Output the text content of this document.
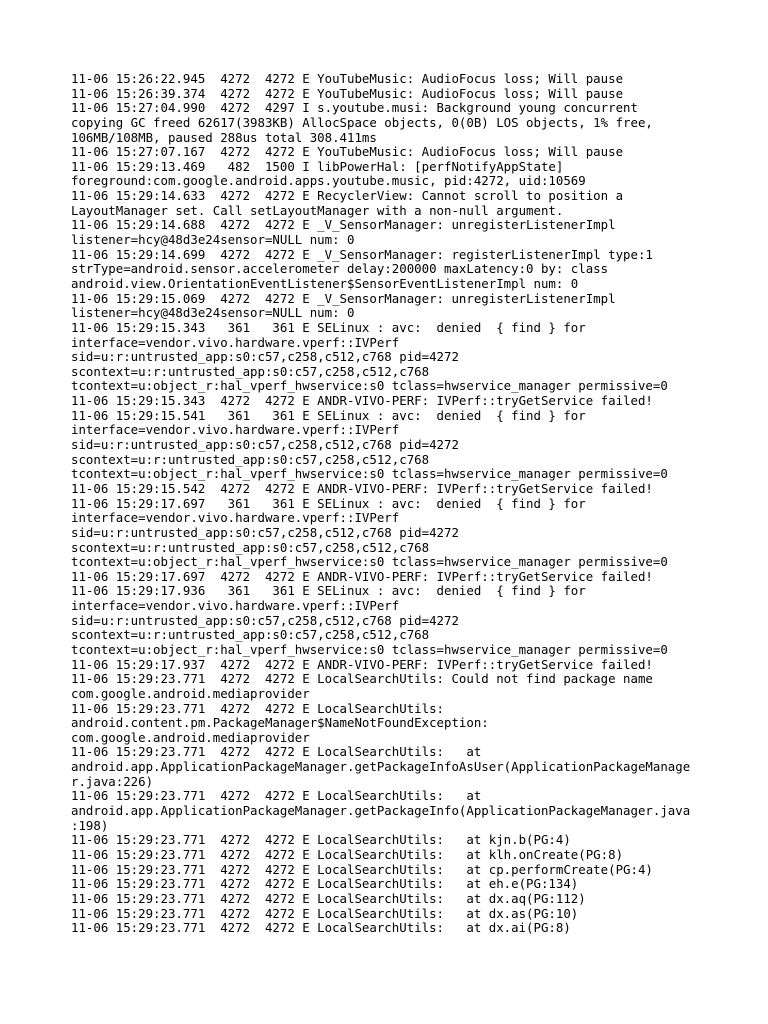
11-06 15:26:22.945  4272  4272 E YouTubeMusic: AudioFocus loss; Will pause
11-06 15:26:39.374  4272  4272 E YouTubeMusic: AudioFocus loss; Will pause
11-06 15:27:04.990  4272  4297 I s.youtube.musi: Background young concurrent
copying GC freed 62617(3983KB) AllocSpace objects, 0(0B) LOS objects, 1% free,
106MB/108MB, paused 288us total 308.411ms
11-06 15:27:07.167  4272  4272 E YouTubeMusic: AudioFocus loss; Will pause
11-06 15:29:13.469   482  1500 I libPowerHal: [perfNotifyAppState]
foreground:com.google.android.apps.youtube.music, pid:4272, uid:10569
11-06 15:29:14.633  4272  4272 E RecyclerView: Cannot scroll to position a
LayoutManager set. Call setLayoutManager with a non-null argument.
11-06 15:29:14.688  4272  4272 E _V_SensorManager: unregisterListenerImpl
listener=hcy@48d3e24sensor=NULL num: 0
11-06 15:29:14.699  4272  4272 E _V_SensorManager: registerListenerImpl type:1
strType=android.sensor.accelerometer delay:200000 maxLatency:0 by: class
android.view.OrientationEventListener$SensorEventListenerImpl num: 0
11-06 15:29:15.069  4272  4272 E _V_SensorManager: unregisterListenerImpl
listener=hcy@48d3e24sensor=NULL num: 0
11-06 15:29:15.343   361   361 E SELinux : avc:  denied  { find } for
interface=vendor.vivo.hardware.vperf::IVPerf
sid=u:r:untrusted_app:s0:c57,c258,c512,c768 pid=4272
scontext=u:r:untrusted_app:s0:c57,c258,c512,c768
tcontext=u:object_r:hal_vperf_hwservice:s0 tclass=hwservice_manager permissive=0
11-06 15:29:15.343  4272  4272 E ANDR-VIVO-PERF: IVPerf::tryGetService failed!
11-06 15:29:15.541   361   361 E SELinux : avc:  denied  { find } for
interface=vendor.vivo.hardware.vperf::IVPerf
sid=u:r:untrusted_app:s0:c57,c258,c512,c768 pid=4272
scontext=u:r:untrusted_app:s0:c57,c258,c512,c768
tcontext=u:object_r:hal_vperf_hwservice:s0 tclass=hwservice_manager permissive=0
11-06 15:29:15.542  4272  4272 E ANDR-VIVO-PERF: IVPerf::tryGetService failed!
11-06 15:29:17.697   361   361 E SELinux : avc:  denied  { find } for
interface=vendor.vivo.hardware.vperf::IVPerf
sid=u:r:untrusted_app:s0:c57,c258,c512,c768 pid=4272
scontext=u:r:untrusted_app:s0:c57,c258,c512,c768
tcontext=u:object_r:hal_vperf_hwservice:s0 tclass=hwservice_manager permissive=0
11-06 15:29:17.697  4272  4272 E ANDR-VIVO-PERF: IVPerf::tryGetService failed!
11-06 15:29:17.936   361   361 E SELinux : avc:  denied  { find } for
interface=vendor.vivo.hardware.vperf::IVPerf
sid=u:r:untrusted_app:s0:c57,c258,c512,c768 pid=4272
scontext=u:r:untrusted_app:s0:c57,c258,c512,c768
tcontext=u:object_r:hal_vperf_hwservice:s0 tclass=hwservice_manager permissive=0
11-06 15:29:17.937  4272  4272 E ANDR-VIVO-PERF: IVPerf::tryGetService failed!
11-06 15:29:23.771  4272  4272 E LocalSearchUtils: Could not find package name
com.google.android.mediaprovider
11-06 15:29:23.771  4272  4272 E LocalSearchUtils:
android.content.pm.PackageManager$NameNotFoundException:
com.google.android.mediaprovider
11-06 15:29:23.771  4272  4272 E LocalSearchUtils:   at
android.app.ApplicationPackageManager.getPackageInfoAsUser(ApplicationPackageManage
r.java:226)
11-06 15:29:23.771  4272  4272 E LocalSearchUtils:   at
android.app.ApplicationPackageManager.getPackageInfo(ApplicationPackageManager.java
:198)
11-06 15:29:23.771  4272  4272 E LocalSearchUtils:   at kjn.b(PG:4)
11-06 15:29:23.771  4272  4272 E LocalSearchUtils:   at klh.onCreate(PG:8)
11-06 15:29:23.771  4272  4272 E LocalSearchUtils:   at cp.performCreate(PG:4)
11-06 15:29:23.771  4272  4272 E LocalSearchUtils:   at eh.e(PG:134)
11-06 15:29:23.771  4272  4272 E LocalSearchUtils:   at dx.aq(PG:112)
11-06 15:29:23.771  4272  4272 E LocalSearchUtils:   at dx.as(PG:10)
11-06 15:29:23.771  4272  4272 E LocalSearchUtils:   at dx.ai(PG:8)
